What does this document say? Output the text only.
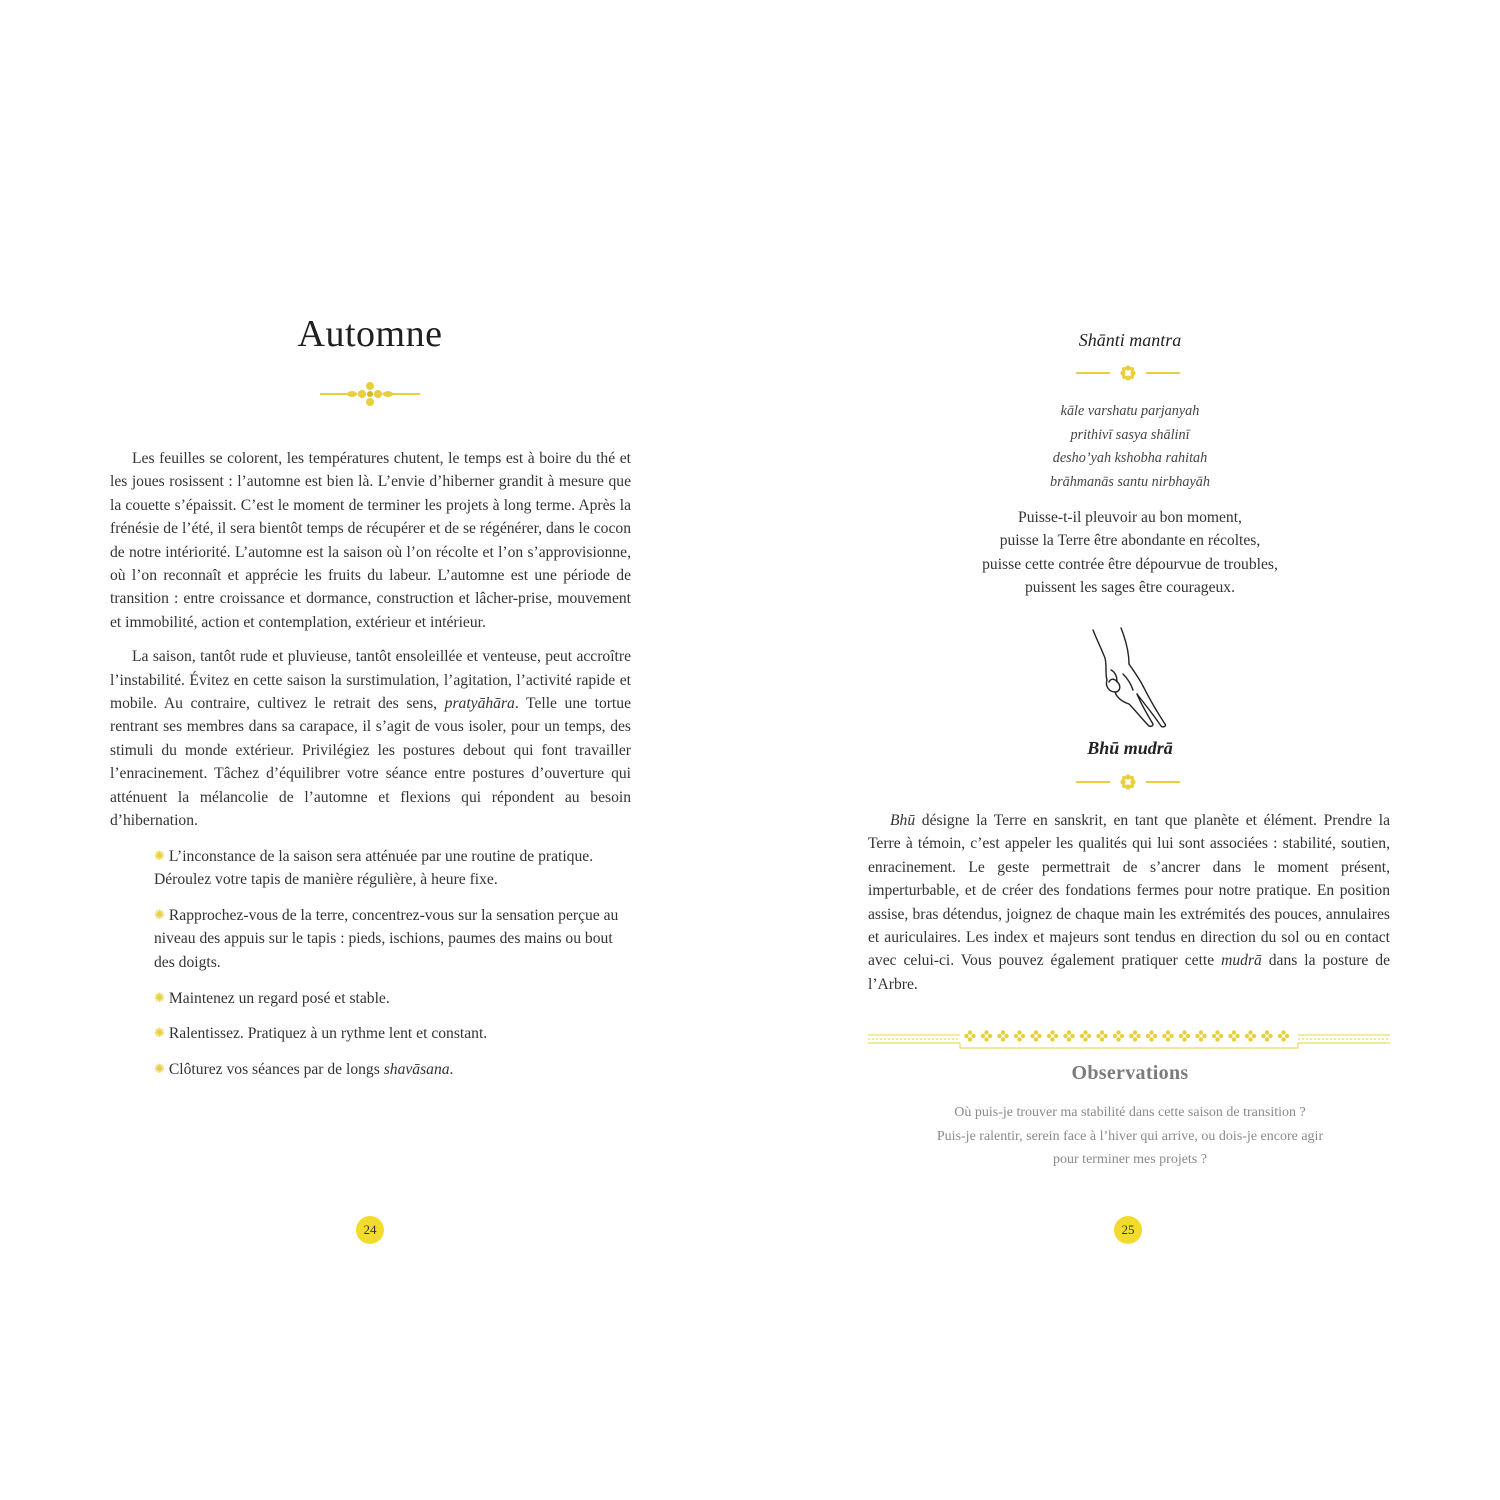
Automne

Les feuilles se colorent, les températures chutent, le temps est à boire du thé et les joues rosissent : l’automne est bien là. L’envie d’hiberner grandit à mesure que la couette s’épaissit. C’est le moment de terminer les projets à long terme. Après la frénésie de l’été, il sera bientôt temps de récupérer et de se régénérer, dans le cocon de notre intériorité. L’automne est la saison où l’on récolte et l’on s’approvisionne, où l’on reconnaît et apprécie les fruits du labeur. L’automne est une période de transition : entre croissance et dormance, construction et lâcher-prise, mouvement et immobilité, action et contemplation, extérieur et intérieur.

La saison, tantôt rude et pluvieuse, tantôt ensoleillée et venteuse, peut accroître l’instabilité. Évitez en cette saison la surstimulation, l’agitation, l’activité rapide et mobile. Au contraire, cultivez le retrait des sens, pratyāhāra. Telle une tortue rentrant ses membres dans sa carapace, il s’agit de vous isoler, pour un temps, des stimuli du monde extérieur. Privilégiez les postures debout qui font travailler l’enracinement. Tâchez d’équilibrer votre séance entre postures d’ouverture qui atténuent la mélancolie de l’automne et flexions qui répondent au besoin d’hibernation.

✺ L’inconstance de la saison sera atténuée par une routine de pratique. Déroulez votre tapis de manière régulière, à heure fixe.
✺ Rapprochez-vous de la terre, concentrez-vous sur la sensation perçue au niveau des appuis sur le tapis : pieds, ischions, paumes des mains ou bout des doigts.
✺ Maintenez un regard posé et stable.
✺ Ralentissez. Pratiquez à un rythme lent et constant.
✺ Clôturez vos séances par de longs shavāsana.
24
Shānti mantra
kāle varshatu parjanyah
prithivī sasya shālinī
desho’yah kshobha rahitah
brāhmanās santu nirbhayāh
Puisse-t-il pleuvoir au bon moment,
puisse la Terre être abondante en récoltes,
puisse cette contrée être dépourvue de troubles,
puissent les sages être courageux.
Bhū mudrā

Bhū désigne la Terre en sanskrit, en tant que planète et élément. Prendre la Terre à témoin, c’est appeler les qualités qui lui sont associées : stabilité, soutien, enracinement. Le geste permettrait de s’ancrer dans le moment présent, imperturbable, et de créer des fondations fermes pour notre pratique. En position assise, bras détendus, joignez de chaque main les extrémités des pouces, annulaires et auriculaires. Les index et majeurs sont tendus en direction du sol ou en contact avec celui-ci. Vous pouvez également pratiquer cette mudrā dans la posture de l’Arbre.

Observations
Où puis-je trouver ma stabilité dans cette saison de transition ?
Puis-je ralentir, serein face à l’hiver qui arrive, ou dois-je encore agir
pour terminer mes projets ?
25
